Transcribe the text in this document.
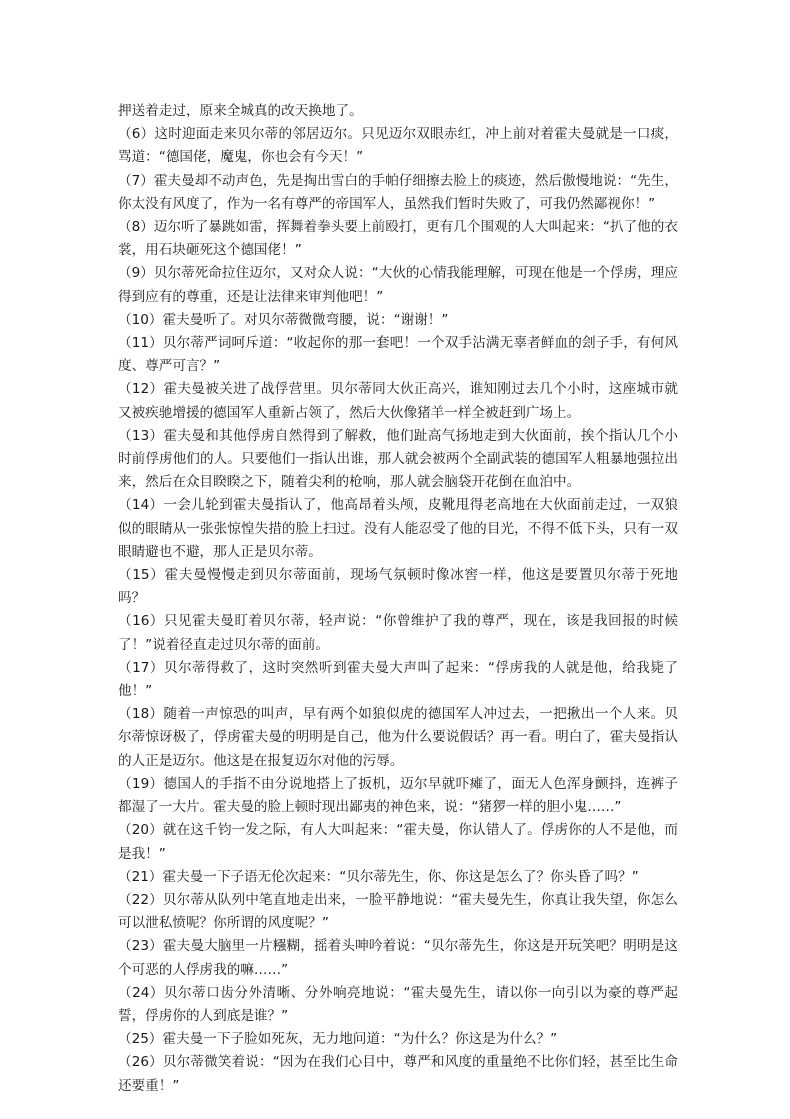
押送着走过，原来全城真的改天换地了。

（6）这时迎面走来贝尔蒂的邻居迈尔。只见迈尔双眼赤红，冲上前对着霍夫曼就是一口痰，骂道：“德国佬，魔鬼，你也会有今天！”

（7）霍夫曼却不动声色，先是掏出雪白的手帕仔细擦去脸上的痰迹，然后傲慢地说：“先生，你太没有风度了，作为一名有尊严的帝国军人，虽然我们暂时失败了，可我仍然鄙视你！”

（8）迈尔听了暴跳如雷，挥舞着拳头要上前殴打，更有几个围观的人大叫起来：“扒了他的衣裳，用石块砸死这个德国佬！”

（9）贝尔蒂死命拉住迈尔，又对众人说：“大伙的心情我能理解，可现在他是一个俘虏，理应得到应有的尊重，还是让法律来审判他吧！”

（10）霍夫曼听了。对贝尔蒂微微弯腰，说：“谢谢！”

（11）贝尔蒂严词呵斥道：“收起你的那一套吧！一个双手沾满无辜者鲜血的刽子手，有何风度、尊严可言？”

（12）霍夫曼被关进了战俘营里。贝尔蒂同大伙正高兴，谁知刚过去几个小时，这座城市就又被疾驰增援的德国军人重新占领了，然后大伙像猪羊一样全被赶到广场上。

（13）霍夫曼和其他俘虏自然得到了解救，他们趾高气扬地走到大伙面前，挨个指认几个小时前俘虏他们的人。只要他们一指认出谁，那人就会被两个全副武装的德国军人粗暴地强拉出来，然后在众目睽睽之下，随着尖利的枪响，那人就会脑袋开花倒在血泊中。

（14）一会儿轮到霍夫曼指认了，他高昂着头颅，皮靴甩得老高地在大伙面前走过，一双狼似的眼睛从一张张惊惶失措的脸上扫过。没有人能忍受了他的目光，不得不低下头，只有一双眼睛避也不避，那人正是贝尔蒂。

（15）霍夫曼慢慢走到贝尔蒂面前，现场气氛顿时像冰窖一样，他这是要置贝尔蒂于死地吗？

（16）只见霍夫曼盯着贝尔蒂，轻声说：“你曾维护了我的尊严，现在，该是我回报的时候了！”说着径直走过贝尔蒂的面前。

（17）贝尔蒂得救了，这时突然听到霍夫曼大声叫了起来：“俘虏我的人就是他，给我毙了他！”

（18）随着一声惊恐的叫声，早有两个如狼似虎的德国军人冲过去，一把揪出一个人来。贝尔蒂惊讶极了，俘虏霍夫曼的明明是自己，他为什么要说假话？再一看。明白了，霍夫曼指认的人正是迈尔。他这是在报复迈尔对他的污辱。

（19）德国人的手指不由分说地搭上了扳机，迈尔早就吓瘫了，面无人色浑身颤抖，连裤子都湿了一大片。霍夫曼的脸上顿时现出鄙夷的神色来，说：“猪猡一样的胆小鬼……”

（20）就在这千钧一发之际，有人大叫起来：“霍夫曼，你认错人了。俘虏你的人不是他，而是我！”

（21）霍夫曼一下子语无伦次起来：“贝尔蒂先生，你、你这是怎么了？你头昏了吗？”

（22）贝尔蒂从队列中笔直地走出来，一脸平静地说：“霍夫曼先生，你真让我失望，你怎么可以泄私愤呢？你所谓的风度呢？”

（23）霍夫曼大脑里一片糨糊，摇着头呻吟着说：“贝尔蒂先生，你这是开玩笑吧？明明是这个可恶的人俘虏我的嘛……”

（24）贝尔蒂口齿分外清晰、分外响亮地说：“霍夫曼先生，请以你一向引以为豪的尊严起誓，俘虏你的人到底是谁？”

（25）霍夫曼一下子脸如死灰，无力地问道：“为什么？你这是为什么？”

（26）贝尔蒂微笑着说：“因为在我们心目中，尊严和风度的重量绝不比你们轻，甚至比生命还要重！”
